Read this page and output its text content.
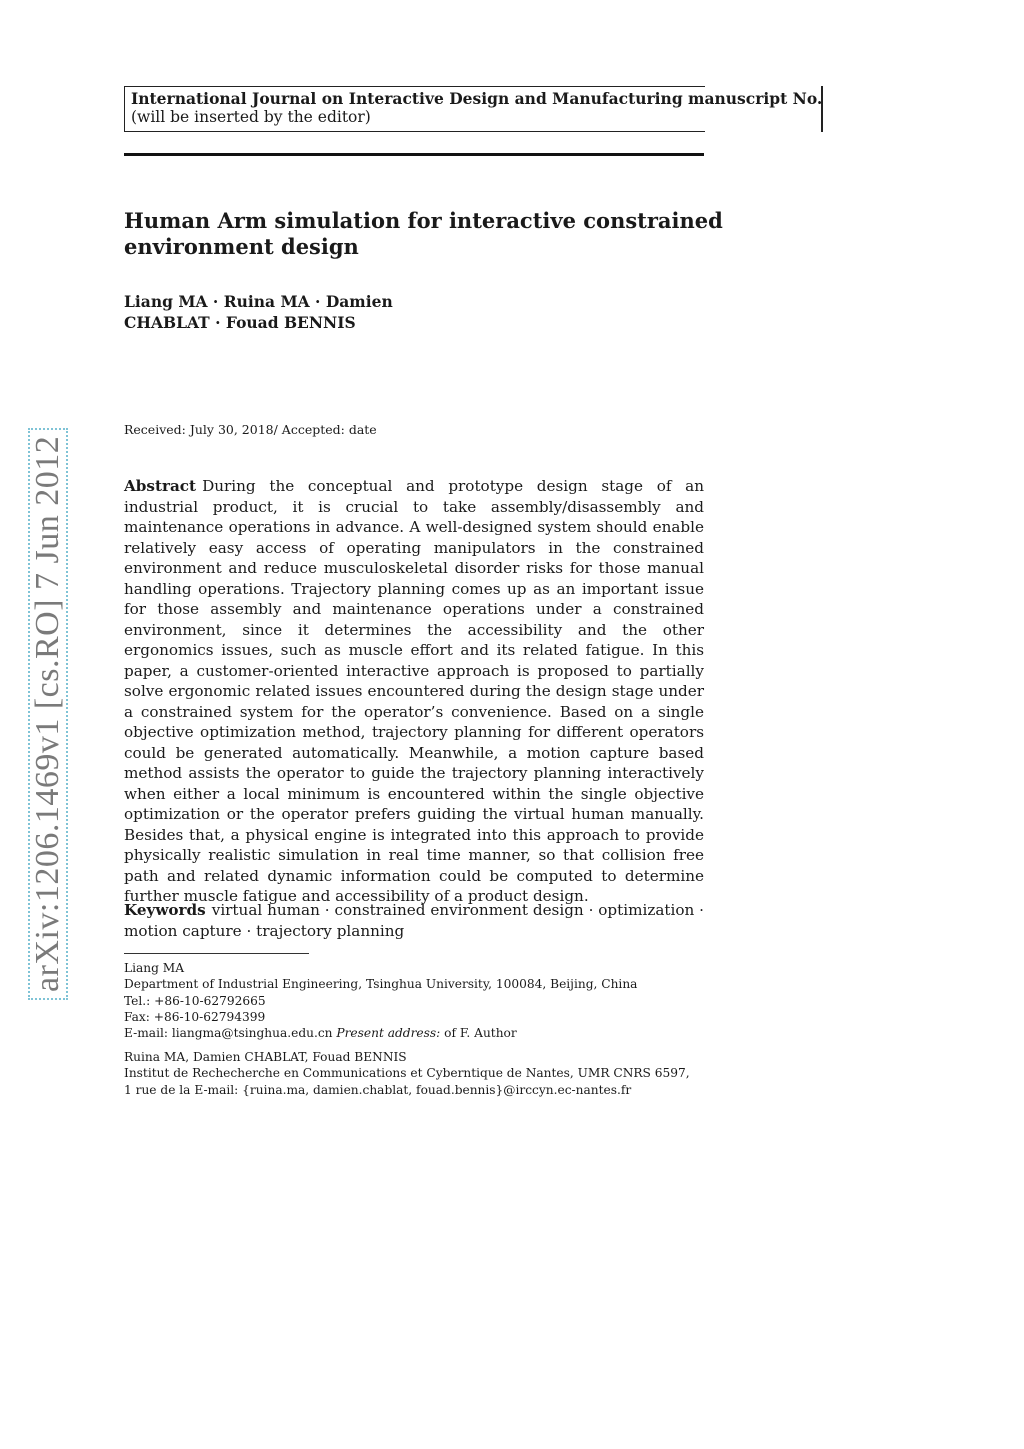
International Journal on Interactive Design and Manufacturing manuscript No.
(will be inserted by the editor)
Human Arm simulation for interactive constrained
environment design
Liang MA · Ruina MA · Damien
CHABLAT · Fouad BENNIS
Received: July 30, 2018/ Accepted: date
Abstract During the conceptual and prototype design stage of an industrial product, it is crucial to take assembly/disassembly and maintenance operations in advance. A well-designed system should enable relatively easy access of operating manipulators in the constrained environment and reduce musculoskeletal disorder risks for those manual handling operations. Trajectory planning comes up as an important issue for those assembly and maintenance operations under a constrained environment, since it determines the accessibility and the other ergonomics issues, such as muscle effort and its related fatigue. In this paper, a customer-oriented interactive approach is proposed to partially solve ergonomic related issues encountered during the design stage under a constrained system for the operator’s convenience. Based on a single objective optimization method, trajectory planning for different operators could be generated automatically. Meanwhile, a motion capture based method assists the operator to guide the trajectory planning interactively when either a local minimum is encountered within the single objective optimization or the operator prefers guiding the virtual human manually. Besides that, a physical engine is integrated into this approach to provide physically realistic simulation in real time manner, so that collision free path and related dynamic information could be computed to determine further muscle fatigue and accessibility of a product design.
Keywords virtual human · constrained environment design · optimization · motion capture · trajectory planning
Liang MA
Department of Industrial Engineering, Tsinghua University, 100084, Beijing, China
Tel.: +86-10-62792665
Fax: +86-10-62794399
E-mail: liangma@tsinghua.edu.cn Present address: of F. Author
Ruina MA, Damien CHABLAT, Fouad BENNIS
Institut de Rechecherche en Communications et Cyberntique de Nantes, UMR CNRS 6597,
1 rue de la E-mail: {ruina.ma, damien.chablat, fouad.bennis}@irccyn.ec-nantes.fr
arXiv:1206.1469v1 [cs.RO] 7 Jun 2012
